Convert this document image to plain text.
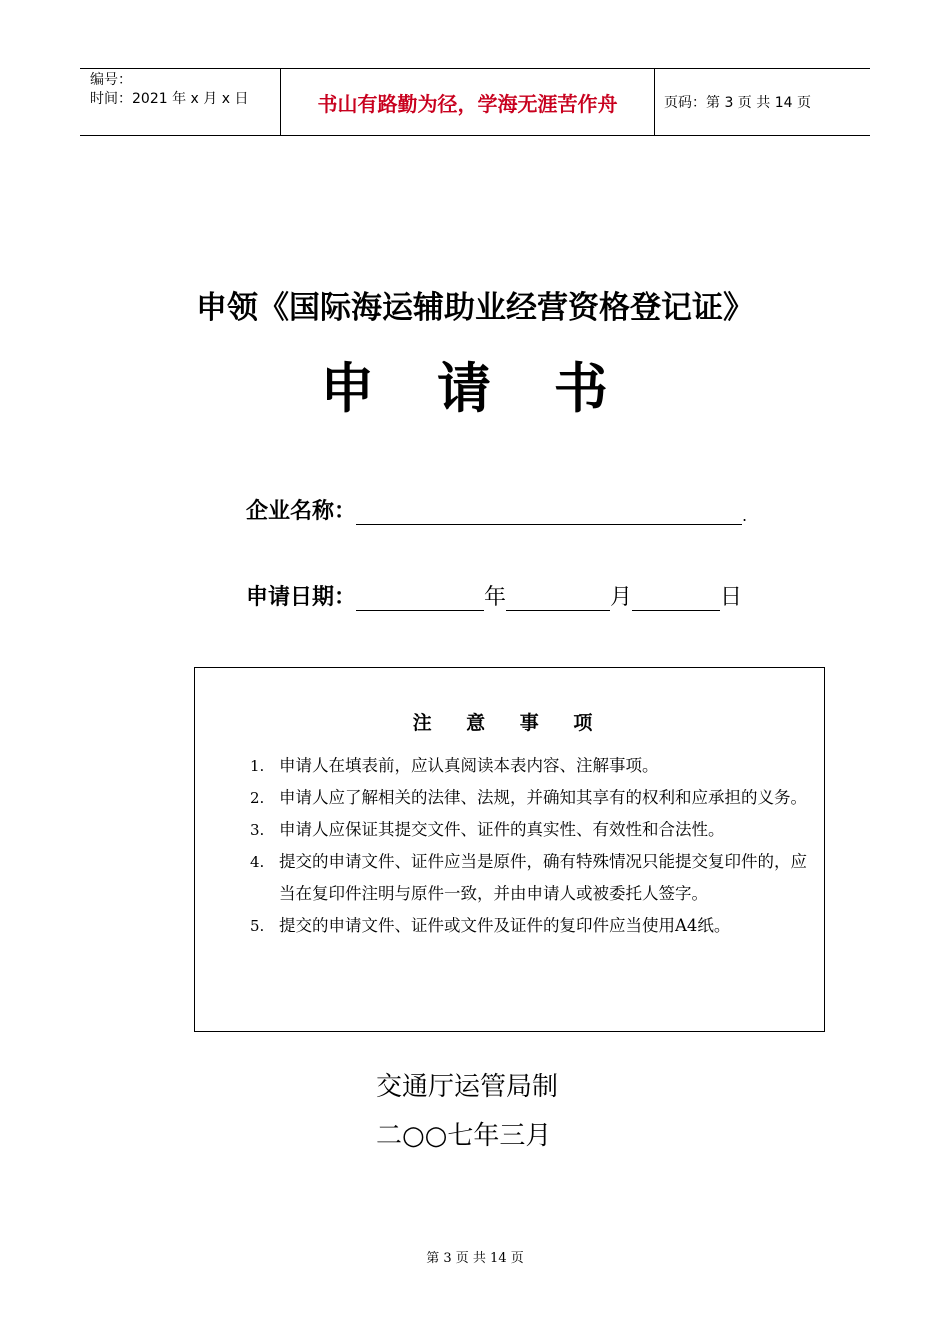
编号：
时间：2021 年 x 月 x 日	书山有路勤为径，学海无涯苦作舟	页码：第 3 页 共 14 页
申领《国际海运辅助业经营资格登记证》
申 请 书
企业名称：	.
申请日期：	年	月	日
注 意 事 项
1. 申请人在填表前，应认真阅读本表内容、注解事项。
2. 申请人应了解相关的法律、法规，并确知其享有的权利和应承担的义务。
3. 申请人应保证其提交文件、证件的真实性、有效性和合法性。
4. 提交的申请文件、证件应当是原件，确有特殊情况只能提交复印件的，应当在复印件注明与原件一致，并由申请人或被委托人签字。
5. 提交的申请文件、证件或文件及证件的复印件应当使用A4纸。
交通厅运管局制
二○○七年三月
第 3 页 共 14 页
